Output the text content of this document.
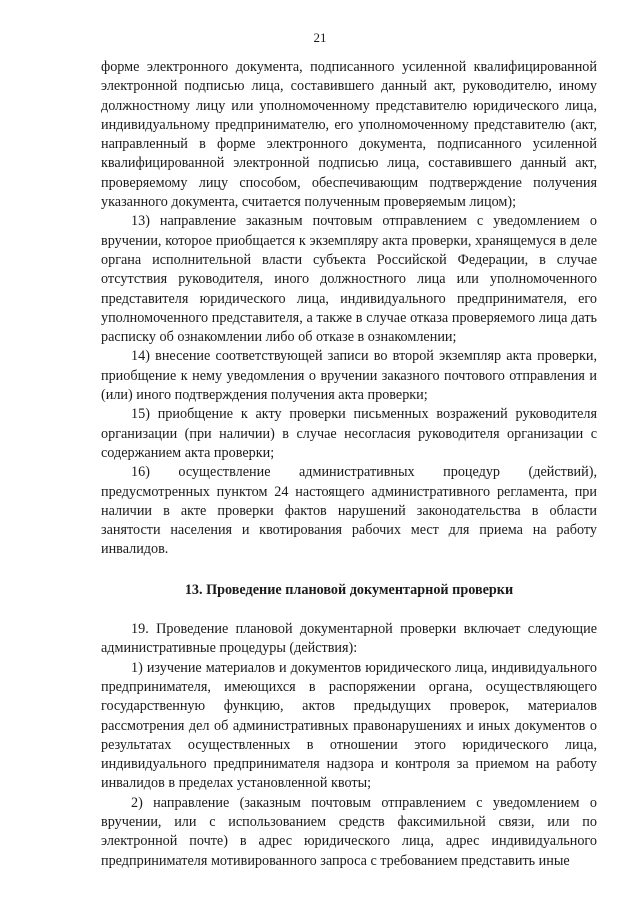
21

форме электронного документа, подписанного усиленной квалифицированной электронной подписью лица, составившего данный акт, руководителю, иному должностному лицу или уполномоченному представителю юридического лица, индивидуальному предпринимателю, его уполномоченному представителю (акт, направленный в форме электронного документа, подписанного усиленной квалифицированной электронной подписью лица, составившего данный акт, проверяемому лицу способом, обеспечивающим подтверждение получения указанного документа, считается полученным проверяемым лицом);

13) направление заказным почтовым отправлением с уведомлением о вручении, которое приобщается к экземпляру акта проверки, хранящемуся в деле органа исполнительной власти субъекта Российской Федерации, в случае отсутствия руководителя, иного должностного лица или уполномоченного представителя юридического лица, индивидуального предпринимателя, его уполномоченного представителя, а также в случае отказа проверяемого лица дать расписку об ознакомлении либо об отказе в ознакомлении;

14) внесение соответствующей записи во второй экземпляр акта проверки, приобщение к нему уведомления о вручении заказного почтового отправления и (или) иного подтверждения получения акта проверки;

15) приобщение к акту проверки письменных возражений руководителя организации (при наличии) в случае несогласия руководителя организации с содержанием акта проверки;

16) осуществление административных процедур (действий), предусмотренных пунктом 24 настоящего административного регламента, при наличии в акте проверки фактов нарушений законодательства в области занятости населения и квотирования рабочих мест для приема на работу инвалидов.

13. Проведение плановой документарной проверки

19. Проведение плановой документарной проверки включает следующие административные процедуры (действия):

1) изучение материалов и документов юридического лица, индивидуального предпринимателя, имеющихся в распоряжении органа, осуществляющего государственную функцию, актов предыдущих проверок, материалов рассмотрения дел об административных правонарушениях и иных документов о результатах осуществленных в отношении этого юридического лица, индивидуального предпринимателя надзора и контроля за приемом на работу инвалидов в пределах установленной квоты;

2) направление (заказным почтовым отправлением с уведомлением о вручении, или с использованием средств факсимильной связи, или по электронной почте) в адрес юридического лица, адрес индивидуального предпринимателя мотивированного запроса с требованием представить иные
